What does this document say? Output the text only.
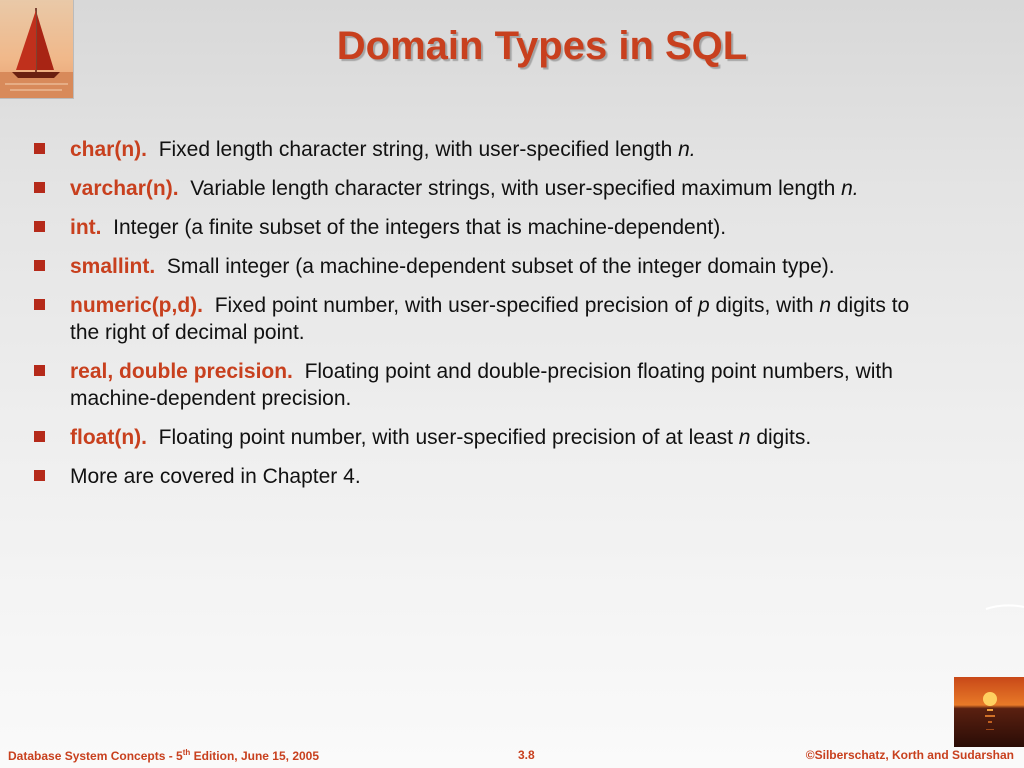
Domain Types in SQL
char(n). Fixed length character string, with user-specified length n.
varchar(n). Variable length character strings, with user-specified maximum length n.
int. Integer (a finite subset of the integers that is machine-dependent).
smallint. Small integer (a machine-dependent subset of the integer domain type).
numeric(p,d). Fixed point number, with user-specified precision of p digits, with n digits to the right of decimal point.
real, double precision. Floating point and double-precision floating point numbers, with machine-dependent precision.
float(n). Floating point number, with user-specified precision of at least n digits.
More are covered in Chapter 4.
Database System Concepts - 5th Edition, June 15, 2005	3.8	©Silberschatz, Korth and Sudarshan
